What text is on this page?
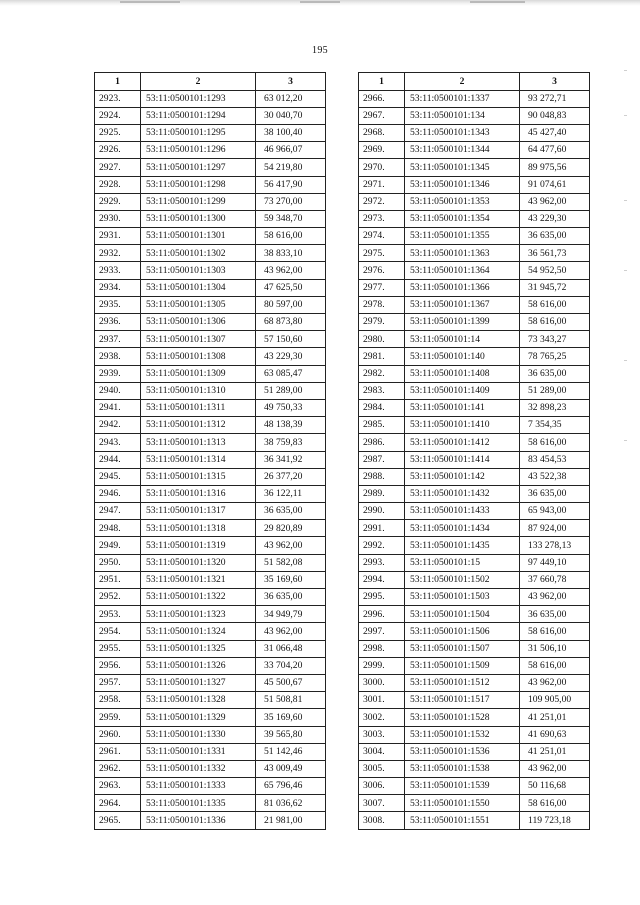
195
1	2	3
2923.	53:11:0500101:1293	63 012,20
2924.	53:11:0500101:1294	30 040,70
2925.	53:11:0500101:1295	38 100,40
2926.	53:11:0500101:1296	46 966,07
2927.	53:11:0500101:1297	54 219,80
2928.	53:11:0500101:1298	56 417,90
2929.	53:11:0500101:1299	73 270,00
2930.	53:11:0500101:1300	59 348,70
2931.	53:11:0500101:1301	58 616,00
2932.	53:11:0500101:1302	38 833,10
2933.	53:11:0500101:1303	43 962,00
2934.	53:11:0500101:1304	47 625,50
2935.	53:11:0500101:1305	80 597,00
2936.	53:11:0500101:1306	68 873,80
2937.	53:11:0500101:1307	57 150,60
2938.	53:11:0500101:1308	43 229,30
2939.	53:11:0500101:1309	63 085,47
2940.	53:11:0500101:1310	51 289,00
2941.	53:11:0500101:1311	49 750,33
2942.	53:11:0500101:1312	48 138,39
2943.	53:11:0500101:1313	38 759,83
2944.	53:11:0500101:1314	36 341,92
2945.	53:11:0500101:1315	26 377,20
2946.	53:11:0500101:1316	36 122,11
2947.	53:11:0500101:1317	36 635,00
2948.	53:11:0500101:1318	29 820,89
2949.	53:11:0500101:1319	43 962,00
2950.	53:11:0500101:1320	51 582,08
2951.	53:11:0500101:1321	35 169,60
2952.	53:11:0500101:1322	36 635,00
2953.	53:11:0500101:1323	34 949,79
2954.	53:11:0500101:1324	43 962,00
2955.	53:11:0500101:1325	31 066,48
2956.	53:11:0500101:1326	33 704,20
2957.	53:11:0500101:1327	45 500,67
2958.	53:11:0500101:1328	51 508,81
2959.	53:11:0500101:1329	35 169,60
2960.	53:11:0500101:1330	39 565,80
2961.	53:11:0500101:1331	51 142,46
2962.	53:11:0500101:1332	43 009,49
2963.	53:11:0500101:1333	65 796,46
2964.	53:11:0500101:1335	81 036,62
2965.	53:11:0500101:1336	21 981,00
1	2	3
2966.	53:11:0500101:1337	93 272,71
2967.	53:11:0500101:134	90 048,83
2968.	53:11:0500101:1343	45 427,40
2969.	53:11:0500101:1344	64 477,60
2970.	53:11:0500101:1345	89 975,56
2971.	53:11:0500101:1346	91 074,61
2972.	53:11:0500101:1353	43 962,00
2973.	53:11:0500101:1354	43 229,30
2974.	53:11:0500101:1355	36 635,00
2975.	53:11:0500101:1363	36 561,73
2976.	53:11:0500101:1364	54 952,50
2977.	53:11:0500101:1366	31 945,72
2978.	53:11:0500101:1367	58 616,00
2979.	53:11:0500101:1399	58 616,00
2980.	53:11:0500101:14	73 343,27
2981.	53:11:0500101:140	78 765,25
2982.	53:11:0500101:1408	36 635,00
2983.	53:11:0500101:1409	51 289,00
2984.	53:11:0500101:141	32 898,23
2985.	53:11:0500101:1410	7 354,35
2986.	53:11:0500101:1412	58 616,00
2987.	53:11:0500101:1414	83 454,53
2988.	53:11:0500101:142	43 522,38
2989.	53:11:0500101:1432	36 635,00
2990.	53:11:0500101:1433	65 943,00
2991.	53:11:0500101:1434	87 924,00
2992.	53:11:0500101:1435	133 278,13
2993.	53:11:0500101:15	97 449,10
2994.	53:11:0500101:1502	37 660,78
2995.	53:11:0500101:1503	43 962,00
2996.	53:11:0500101:1504	36 635,00
2997.	53:11:0500101:1506	58 616,00
2998.	53:11:0500101:1507	31 506,10
2999.	53:11:0500101:1509	58 616,00
3000.	53:11:0500101:1512	43 962,00
3001.	53:11:0500101:1517	109 905,00
3002.	53:11:0500101:1528	41 251,01
3003.	53:11:0500101:1532	41 690,63
3004.	53:11:0500101:1536	41 251,01
3005.	53:11:0500101:1538	43 962,00
3006.	53:11:0500101:1539	50 116,68
3007.	53:11:0500101:1550	58 616,00
3008.	53:11:0500101:1551	119 723,18
